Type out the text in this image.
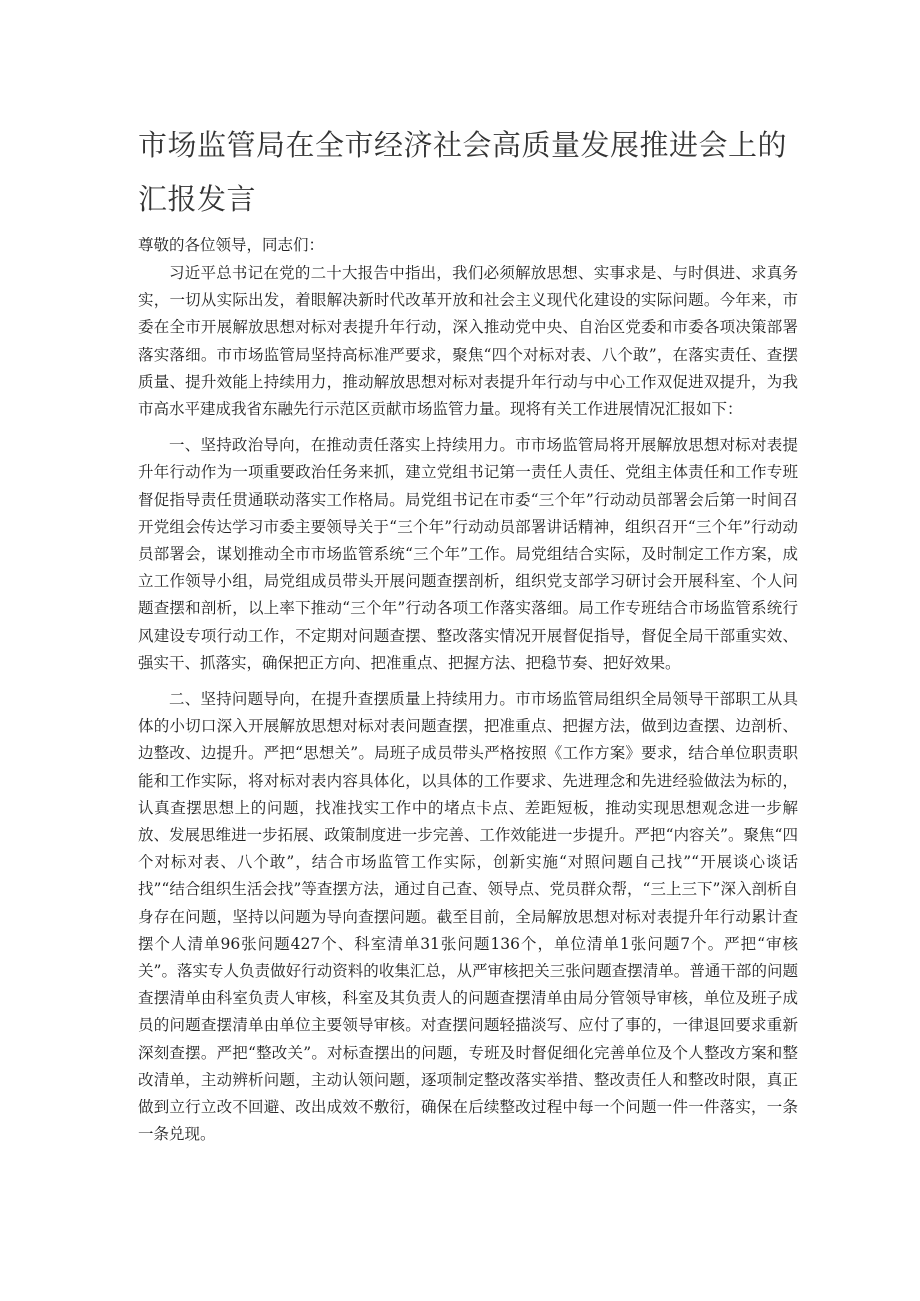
市场监管局在全市经济社会高质量发展推进会上的
汇报发言

尊敬的各位领导，同志们：

习近平总书记在党的二十大报告中指出，我们必须解放思想、实事求是、与时俱进、求真务实，一切从实际出发，着眼解决新时代改革开放和社会主义现代化建设的实际问题。今年来，市委在全市开展解放思想对标对表提升年行动，深入推动党中央、自治区党委和市委各项决策部署落实落细。市市场监管局坚持高标准严要求，聚焦“四个对标对表、八个敢”，在落实责任、查摆质量、提升效能上持续用力，推动解放思想对标对表提升年行动与中心工作双促进双提升，为我市高水平建成我省东融先行示范区贡献市场监管力量。现将有关工作进展情况汇报如下：

一、坚持政治导向，在推动责任落实上持续用力。市市场监管局将开展解放思想对标对表提升年行动作为一项重要政治任务来抓，建立党组书记第一责任人责任、党组主体责任和工作专班督促指导责任贯通联动落实工作格局。局党组书记在市委“三个年”行动动员部署会后第一时间召开党组会传达学习市委主要领导关于“三个年”行动动员部署讲话精神，组织召开“三个年”行动动员部署会，谋划推动全市市场监管系统“三个年”工作。局党组结合实际，及时制定工作方案，成立工作领导小组，局党组成员带头开展问题查摆剖析，组织党支部学习研讨会开展科室、个人问题查摆和剖析，以上率下推动“三个年”行动各项工作落实落细。局工作专班结合市场监管系统行风建设专项行动工作，不定期对问题查摆、整改落实情况开展督促指导，督促全局干部重实效、强实干、抓落实，确保把正方向、把准重点、把握方法、把稳节奏、把好效果。

二、坚持问题导向，在提升查摆质量上持续用力。市市场监管局组织全局领导干部职工从具体的小切口深入开展解放思想对标对表问题查摆，把准重点、把握方法，做到边查摆、边剖析、边整改、边提升。严把“思想关”。局班子成员带头严格按照《工作方案》要求，结合单位职责职能和工作实际，将对标对表内容具体化，以具体的工作要求、先进理念和先进经验做法为标的，认真查摆思想上的问题，找准找实工作中的堵点卡点、差距短板，推动实现思想观念进一步解放、发展思维进一步拓展、政策制度进一步完善、工作效能进一步提升。严把“内容关”。聚焦“四个对标对表、八个敢”，结合市场监管工作实际，创新实施“对照问题自己找”“开展谈心谈话找”“结合组织生活会找”等查摆方法，通过自己查、领导点、党员群众帮，“三上三下”深入剖析自身存在问题，坚持以问题为导向查摆问题。截至目前，全局解放思想对标对表提升年行动累计查摆个人清单96张问题427个、科室清单31张问题136个，单位清单1张问题7个。严把“审核关”。落实专人负责做好行动资料的收集汇总，从严审核把关三张问题查摆清单。普通干部的问题查摆清单由科室负责人审核，科室及其负责人的问题查摆清单由局分管领导审核，单位及班子成员的问题查摆清单由单位主要领导审核。对查摆问题轻描淡写、应付了事的，一律退回要求重新深刻查摆。严把“整改关”。对标查摆出的问题，专班及时督促细化完善单位及个人整改方案和整改清单，主动辨析问题，主动认领问题，逐项制定整改落实举措、整改责任人和整改时限，真正做到立行立改不回避、改出成效不敷衍，确保在后续整改过程中每一个问题一件一件落实，一条一条兑现。
